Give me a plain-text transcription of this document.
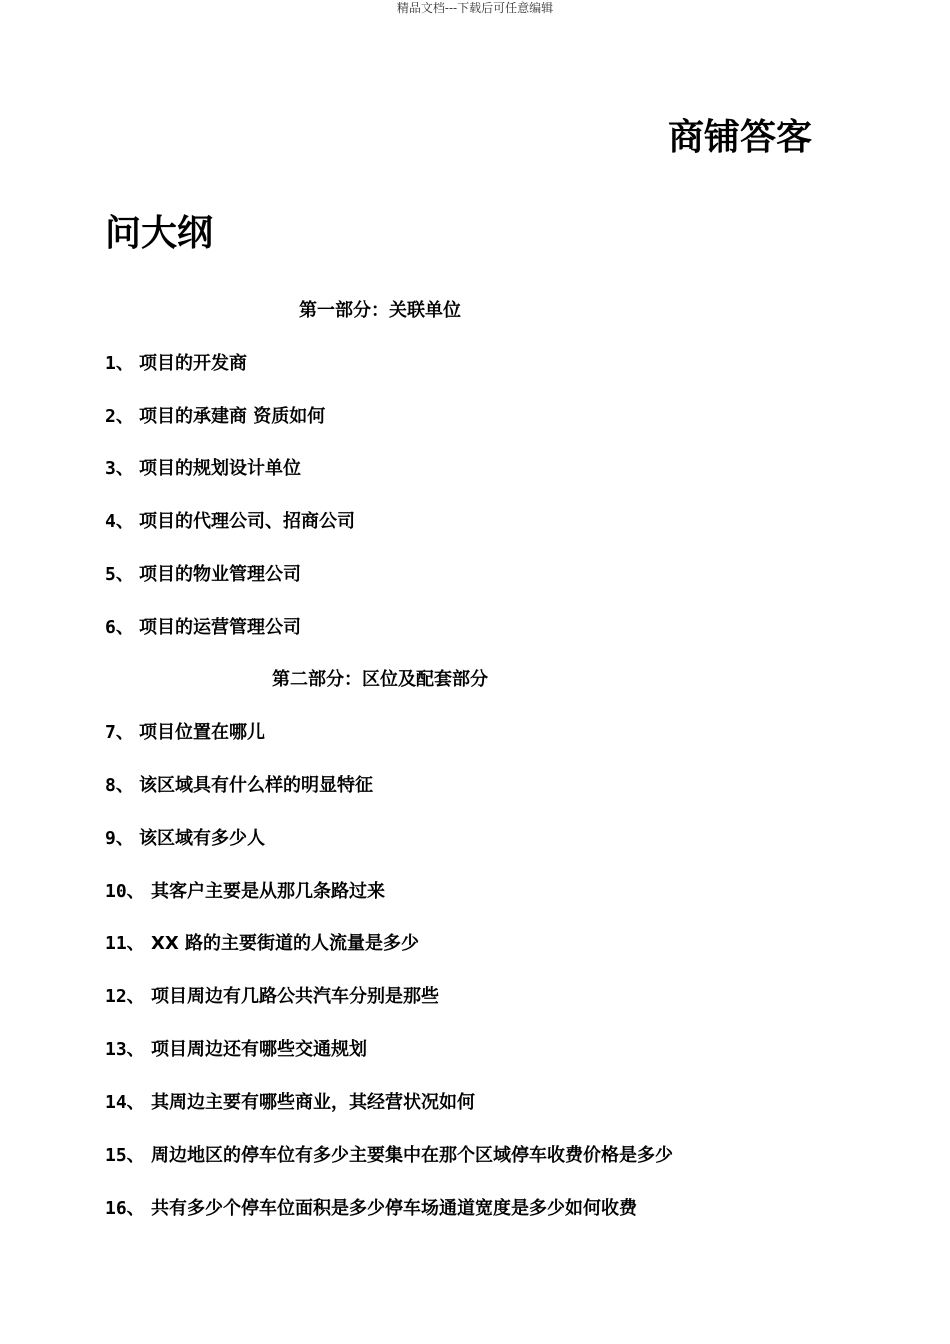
精品文档---下载后可任意编辑
商铺答客
问大纲
第一部分：关联单位
1、 项目的开发商
2、 项目的承建商 资质如何
3、 项目的规划设计单位
4、 项目的代理公司、招商公司
5、 项目的物业管理公司
6、 项目的运营管理公司
第二部分：区位及配套部分
7、 项目位置在哪儿
8、 该区域具有什么样的明显特征
9、 该区域有多少人
10、 其客户主要是从那几条路过来
11、 XX 路的主要街道的人流量是多少
12、 项目周边有几路公共汽车分别是那些
13、 项目周边还有哪些交通规划
14、 其周边主要有哪些商业，其经营状况如何
15、 周边地区的停车位有多少主要集中在那个区域停车收费价格是多少
16、 共有多少个停车位面积是多少停车场通道宽度是多少如何收费
